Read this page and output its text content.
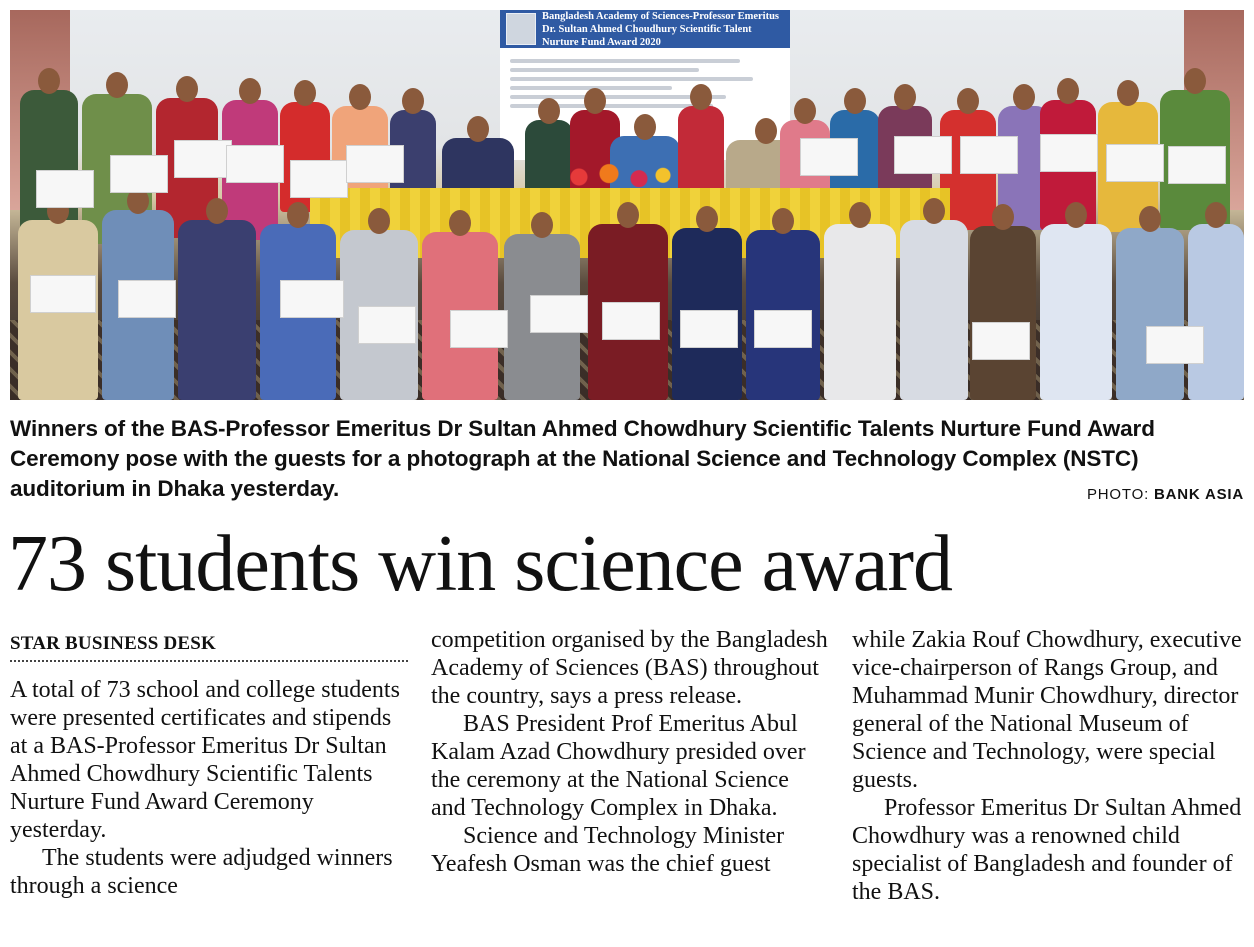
Bangladesh Academy of Sciences-Professor Emeritus Dr. Sultan Ahmed Choudhury Scientific Talent Nurture Fund Award 2020

Winners of the BAS-Professor Emeritus Dr Sultan Ahmed Chowdhury Scientific Talents Nurture Fund Award Ceremony pose with the guests for a photograph at the National Science and Technology Complex (NSTC) auditorium in Dhaka yesterday.	PHOTO: BANK ASIA
73 students win science award
STAR BUSINESS DESK

A total of 73 school and college students were presented certificates and stipends at a BAS-Professor Emeritus Dr Sultan Ahmed Chowdhury Scientific Talents Nurture Fund Award Ceremony yesterday.

The students were adjudged winners through a science

competition organised by the Bangladesh Academy of Sciences (BAS) throughout the country, says a press release.

BAS President Prof Emeritus Abul Kalam Azad Chowdhury presided over the ceremony at the National Science and Technology Complex in Dhaka.

Science and Technology Minister Yeafesh Osman was the chief guest

while Zakia Rouf Chowdhury, executive vice-chairperson of Rangs Group, and Muhammad Munir Chowdhury, director general of the National Museum of Science and Technology, were special guests.

Professor Emeritus Dr Sultan Ahmed Chowdhury was a renowned child specialist of Bangladesh and founder of the BAS.
